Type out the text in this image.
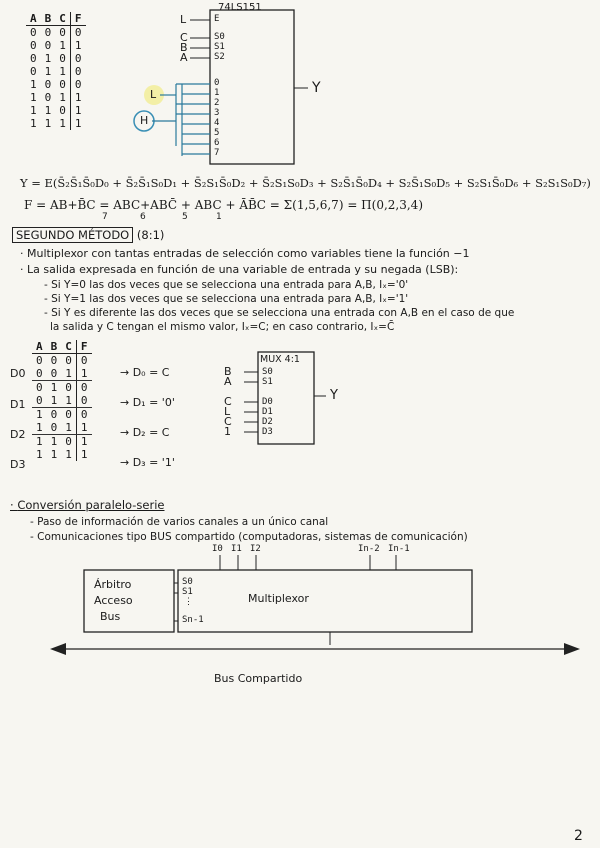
A	B	C	F
0	0	0	0
0	0	1	1
0	1	0	0
0	1	1	0
1	0	0	0
1	0	1	1
1	1	0	1
1	1	1	1
74LS151
L
C
B
A
E
S0
S1
S2
0
1
2
3
4
5
6
7
L
H
Y
Y = E(S̄₂S̄₁S̄₀D₀ + S̄₂S̄₁S₀D₁ + S̄₂S₁S̄₀D₂ + S̄₂S₁S₀D₃ + S₂S̄₁S̄₀D₄ + S₂S̄₁S₀D₅ + S₂S₁S̄₀D₆ + S₂S₁S₀D₇)
F = AB+B̄C = ABC+ABC̄ + ABC + ĀB̄C = Σ(1,5,6,7) = Π(0,2,3,4)
7	6	5	1
SEGUNDO MÉTODO (8:1)
· Multiplexor con tantas entradas de selección como variables tiene la función −1
· La salida expresada en función de una variable de entrada y su negada (LSB):
- Si Y=0 las dos veces que se selecciona una entrada para A,B, Iₓ='0'
- Si Y=1 las dos veces que se selecciona una entrada para A,B, Iₓ='1'
- Si Y es diferente las dos veces que se selecciona una entrada con A,B en el caso de que
la salida y C tengan el mismo valor, Iₓ=C; en caso contrario, Iₓ=C̄
A	B	C	F
0	0	0	0
0	0	1	1
0	1	0	0
0	1	1	0
1	0	0	0
1	0	1	1
1	1	0	1
1	1	1	1
D0
D1
D2
D3
→ D₀ = C
→ D₁ = '0'
→ D₂ = C
→ D₃ = '1'
MUX 4:1
B
A
C
L
C
1
S0
S1
D0
D1
D2
D3
Y
· Conversión paralelo-serie
- Paso de información de varios canales a un único canal
- Comunicaciones tipo BUS compartido (computadoras, sistemas de comunicación)
Árbitro
Acceso
Bus
S0
S1
⋮
Sn-1
Multiplexor
I0 I1 I2	In-2 In-1
Bus Compartido
2
